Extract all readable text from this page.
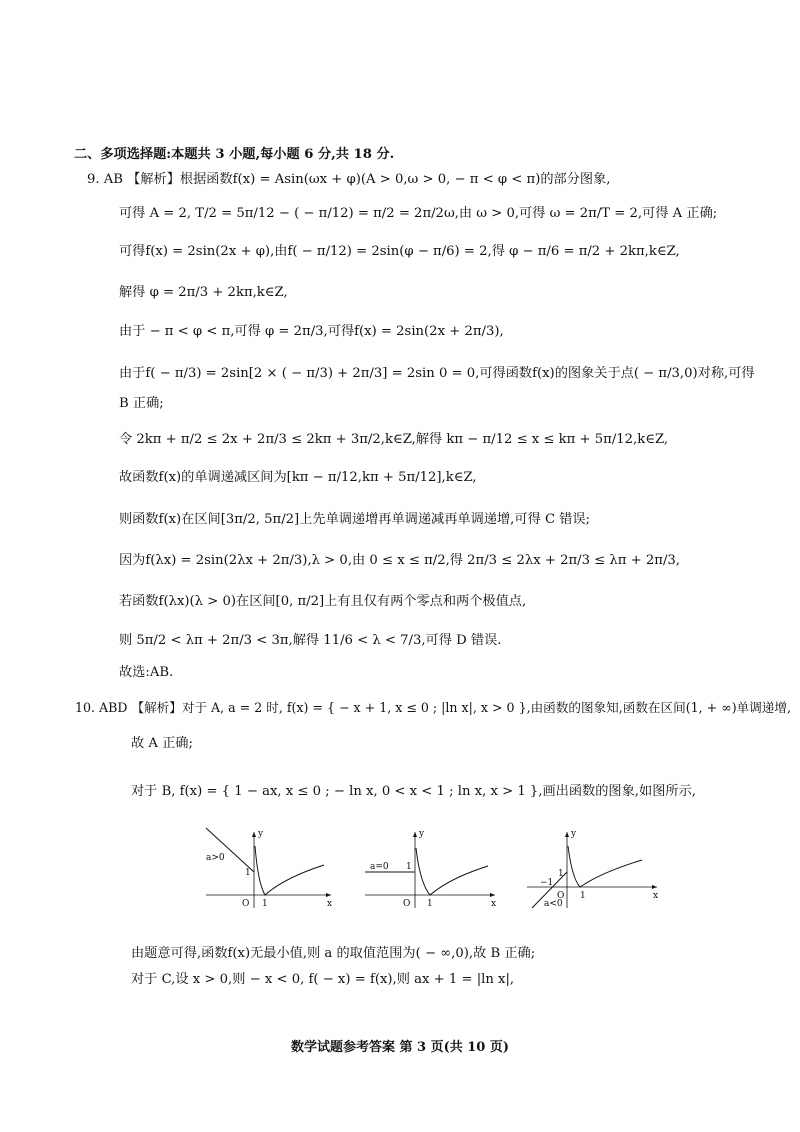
二、多项选择题:本题共 3 小题,每小题 6 分,共 18 分.
9. AB 【解析】根据函数f(x) = Asin(ωx + φ)(A > 0,ω > 0, − π < φ < π)的部分图象,
可得 A = 2, T/2 = 5π/12 − ( − π/12) = π/2 = 2π/2ω,由 ω > 0,可得 ω = 2π/T = 2,可得 A 正确;
可得f(x) = 2sin(2x + φ),由f( − π/12) = 2sin(φ − π/6) = 2,得 φ − π/6 = π/2 + 2kπ,k∈Z,
解得 φ = 2π/3 + 2kπ,k∈Z,
由于 − π < φ < π,可得 φ = 2π/3,可得f(x) = 2sin(2x + 2π/3),
由于f( − π/3) = 2sin[2 × ( − π/3) + 2π/3] = 2sin 0 = 0,可得函数f(x)的图象关于点( − π/3,0)对称,可得
B 正确;
令 2kπ + π/2 ≤ 2x + 2π/3 ≤ 2kπ + 3π/2,k∈Z,解得 kπ − π/12 ≤ x ≤ kπ + 5π/12,k∈Z,
故函数f(x)的单调递减区间为[kπ − π/12,kπ + 5π/12],k∈Z,
则函数f(x)在区间[3π/2, 5π/2]上先单调递增再单调递减再单调递增,可得 C 错误;
因为f(λx) = 2sin(2λx + 2π/3),λ > 0,由 0 ≤ x ≤ π/2,得 2π/3 ≤ 2λx + 2π/3 ≤ λπ + 2π/3,
若函数f(λx)(λ > 0)在区间[0, π/2]上有且仅有两个零点和两个极值点,
则 5π/2 < λπ + 2π/3 < 3π,解得 11/6 < λ < 7/3,可得 D 错误.
故选:AB.
10. ABD 【解析】对于 A, a = 2 时, f(x) = { − x + 1, x ≤ 0 ; |ln x|, x > 0 },由函数的图象知,函数在区间(1, + ∞)单调递增,
故 A 正确;
对于 B, f(x) = { 1 − ax, x ≤ 0 ; − ln x, 0 < x < 1 ; ln x, x > 1 },画出函数的图象,如图所示,
a>0
y
x
O 1
1
a=0 1
y
x
O 1
−1
1
y
x
O 1
a<0
由题意可得,函数f(x)无最小值,则 a 的取值范围为( − ∞,0),故 B 正确;
对于 C,设 x > 0,则 − x < 0, f( − x) = f(x),则 ax + 1 = |ln x|,
数学试题参考答案 第 3 页(共 10 页)
